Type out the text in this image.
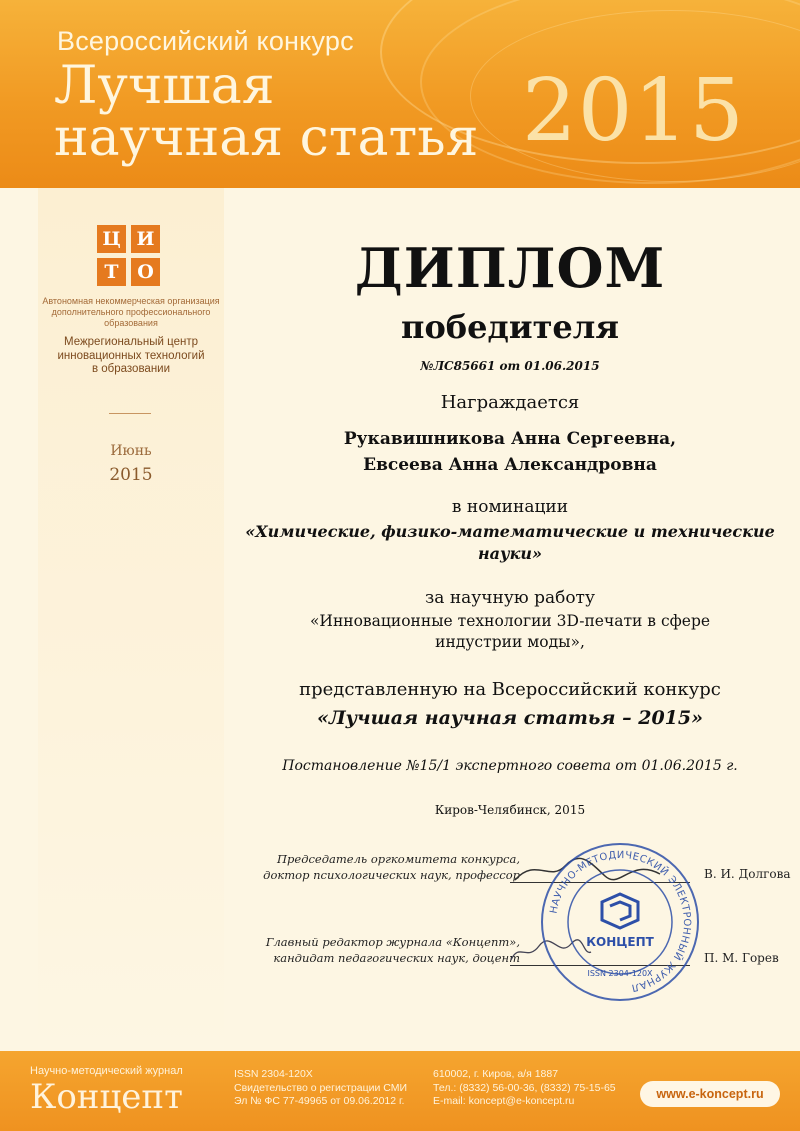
Всероссийский конкурс
Лучшая
научная статья 2015
Ц И
Т О
Автономная некоммерческая организация
дополнительного профессионального
образования
Межрегиональный центр
инновационных технологий
в образовании
Июнь
2015
ДИПЛОМ
победителя
№ЛС85661 от 01.06.2015
Награждается
Рукавишникова Анна Сергеевна,
Евсеева Анна Александровна
в номинации
«Химические, физико-математические и технические
науки»
за научную работу
«Инновационные технологии 3D-печати в сфере
индустрии моды»,
представленную на Всероссийский конкурс
«Лучшая научная статья – 2015»
Постановление №15/1 экспертного совета от 01.06.2015 г.
Киров-Челябинск, 2015
Председатель оргкомитета конкурса,
доктор психологических наук, профессор	В. И. Долгова
Главный редактор журнала «Концепт»,
кандидат педагогических наук, доцент	П. М. Горев
НАУЧНО-МЕТОДИЧЕСКИЙ ЭЛЕКТРОННЫЙ ЖУРНАЛ
КОНЦЕПТ
ISSN 2304-120X
Научно-методический журнал
Концепт
ISSN 2304-120X
Свидетельство о регистрации СМИ
Эл № ФС 77-49965 от 09.06.2012 г.
610002, г. Киров, а/я 1887
Тел.: (8332) 56-00-36, (8332) 75-15-65
E-mail: koncept@e-koncept.ru	www.e-koncept.ru
